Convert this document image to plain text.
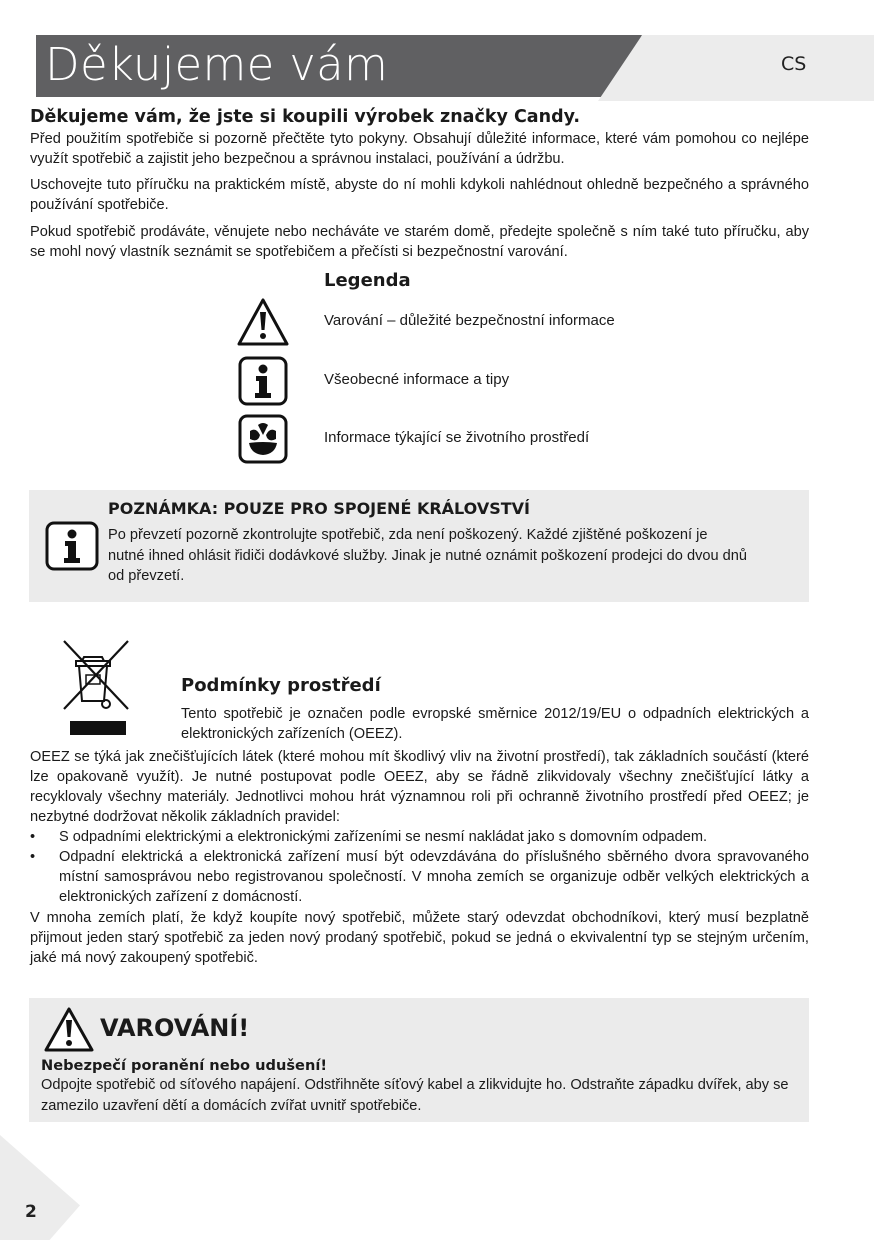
Děkujeme vám	CS
Děkujeme vám, že jste si koupili výrobek značky Candy.
Před použitím spotřebiče si pozorně přečtěte tyto pokyny. Obsahují důležité informace, které vám pomohou co nejlépe využít spotřebič a zajistit jeho bezpečnou a správnou instalaci, používání a údržbu.
Uschovejte tuto příručku na praktickém místě, abyste do ní mohli kdykoli nahlédnout ohledně bezpečného a správného používání spotřebiče.
Pokud spotřebič prodáváte, věnujete nebo necháváte ve starém domě, předejte společně s ním také tuto příručku, aby se mohl nový vlastník seznámit se spotřebičem a přečísti si bezpečnostní varování.
Legenda
Varování – důležité bezpečnostní informace
Všeobecné informace a tipy
Informace týkající se životního prostředí
POZNÁMKA: POUZE PRO SPOJENÉ KRÁLOVSTVÍ
Po převzetí pozorně zkontrolujte spotřebič, zda není poškozený. Každé zjištěné poškození je nutné ihned ohlásit řidiči dodávkové služby. Jinak je nutné oznámit poškození prodejci do dvou dnů od převzetí.
Podmínky prostředí
Tento spotřebič je označen podle evropské směrnice 2012/19/EU o odpadních elektrických a elektronických zařízeních (OEEZ).
OEEZ se týká jak znečišťujících látek (které mohou mít škodlivý vliv na životní prostředí), tak základních součástí (které lze opakovaně využít). Je nutné postupovat podle OEEZ, aby se řádně zlikvidovaly všechny znečišťující látky a recyklovaly všechny materiály. Jednotlivci mohou hrát významnou roli při ochranně životního prostředí před OEEZ; je nezbytné dodržovat několik základních pravidel:
• S odpadními elektrickými a elektronickými zařízeními se nesmí nakládat jako s domovním odpadem.
• Odpadní elektrická a elektronická zařízení musí být odevzdávána do příslušného sběrného dvora spravovaného místní samosprávou nebo registrovanou společností. V mnoha zemích se organizuje odběr velkých elektrických a elektronických zařízení z domácností.
V mnoha zemích platí, že když koupíte nový spotřebič, můžete starý odevzdat obchodníkovi, který musí bezplatně přijmout jeden starý spotřebič za jeden nový prodaný spotřebič, pokud se jedná o ekvivalentní typ se stejným určením, jaké má nový zakoupený spotřebič.
VAROVÁNÍ!
Nebezpečí poranění nebo udušení!
Odpojte spotřebič od síťového napájení. Odstřihněte síťový kabel a zlikvidujte ho. Odstraňte západku dvířek, aby se zamezilo uzavření dětí a domácích zvířat uvnitř spotřebiče.
2
